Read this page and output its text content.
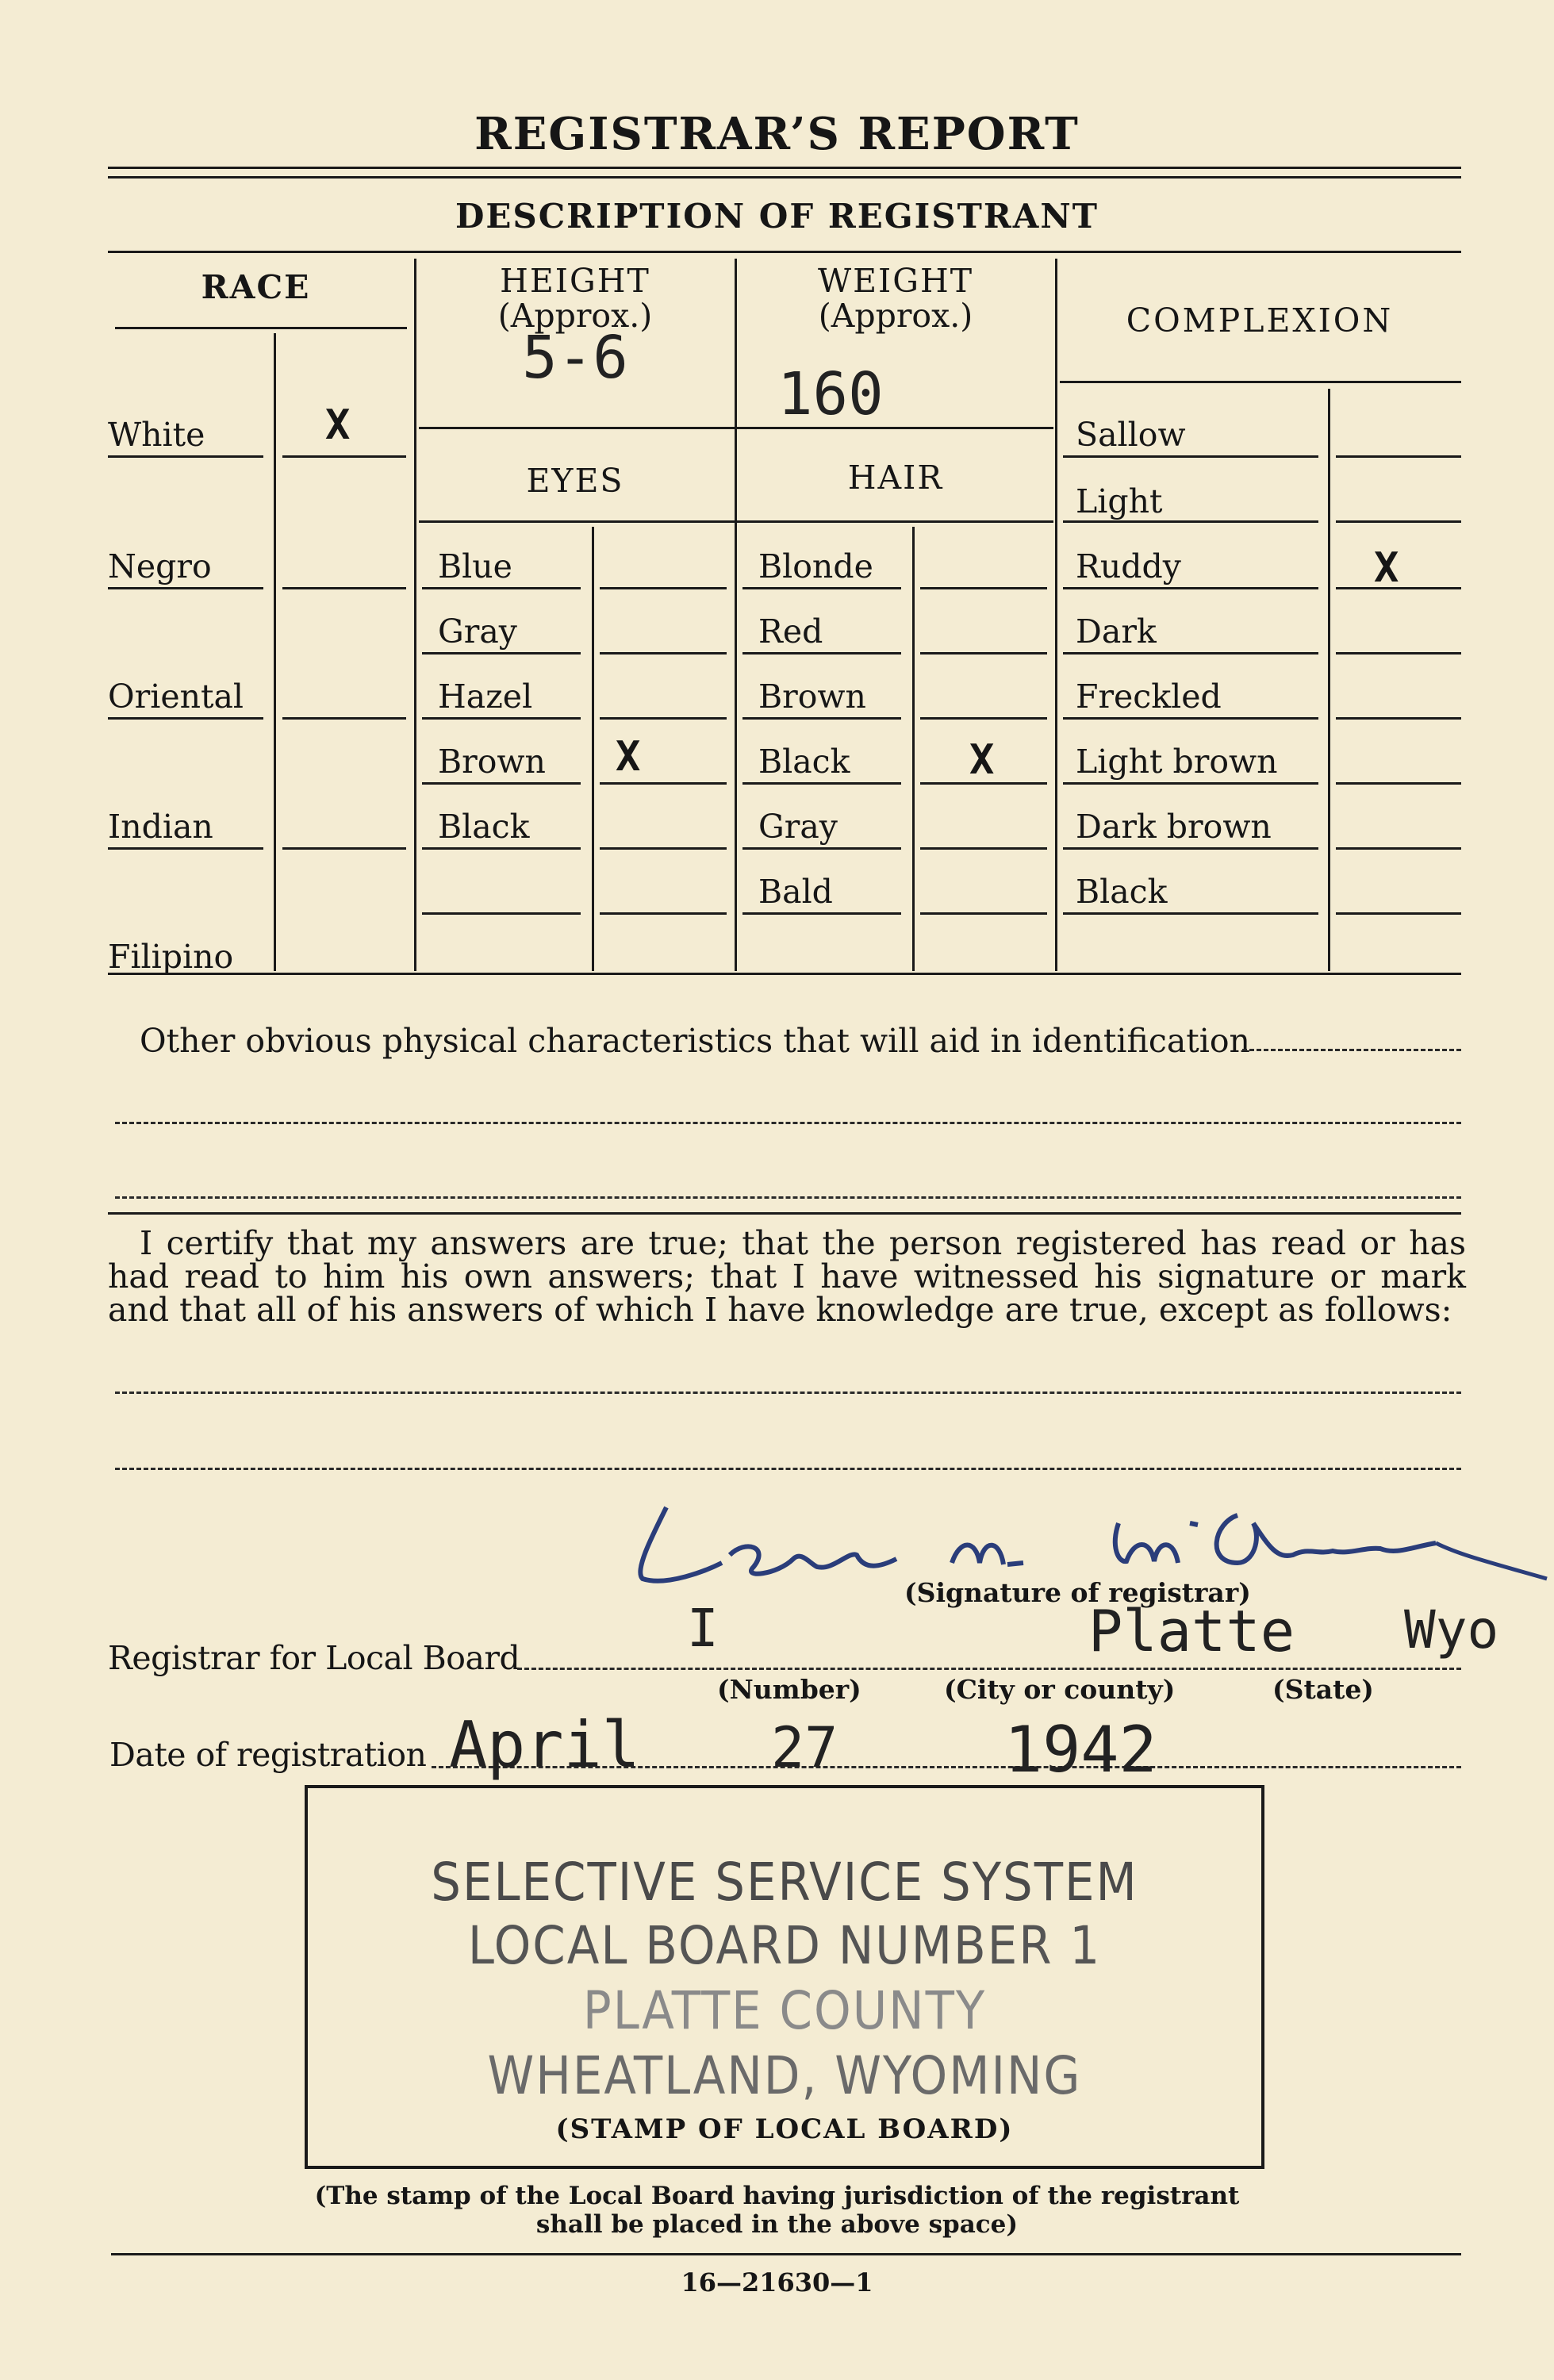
REGISTRAR’S REPORT
DESCRIPTION OF REGISTRANT
RACE	HEIGHT
(Approx.)
5-6
WEIGHT
(Approx.)
160
COMPLEXION
EYES	HAIR
White	X
Negro
Oriental
Indian
Filipino
Blue
Gray
Hazel
Brown X
Black
Blonde
Red
Brown
Black	X
Gray
Bald
Sallow
Light
Ruddy	X
Dark
Freckled
Light brown
Dark brown
Black
Other obvious physical characteristics that will aid in identification
I certify that my answers are true; that the person registered has read or has had read to him his own answers; that I have witnessed his signature or mark and that all of his answers of which I have knowledge are true, except as follows:
(Signature of registrar)
Registrar for Local Board	I	Platte Wyo
(Number)	(City or county)	(State)
Date of registration April 27	1942
SELECTIVE SERVICE SYSTEM
LOCAL BOARD NUMBER 1
PLATTE COUNTY
WHEATLAND, WYOMING
(STAMP OF LOCAL BOARD)
(The stamp of the Local Board having jurisdiction of the registrant
shall be placed in the above space)
16—21630—1
